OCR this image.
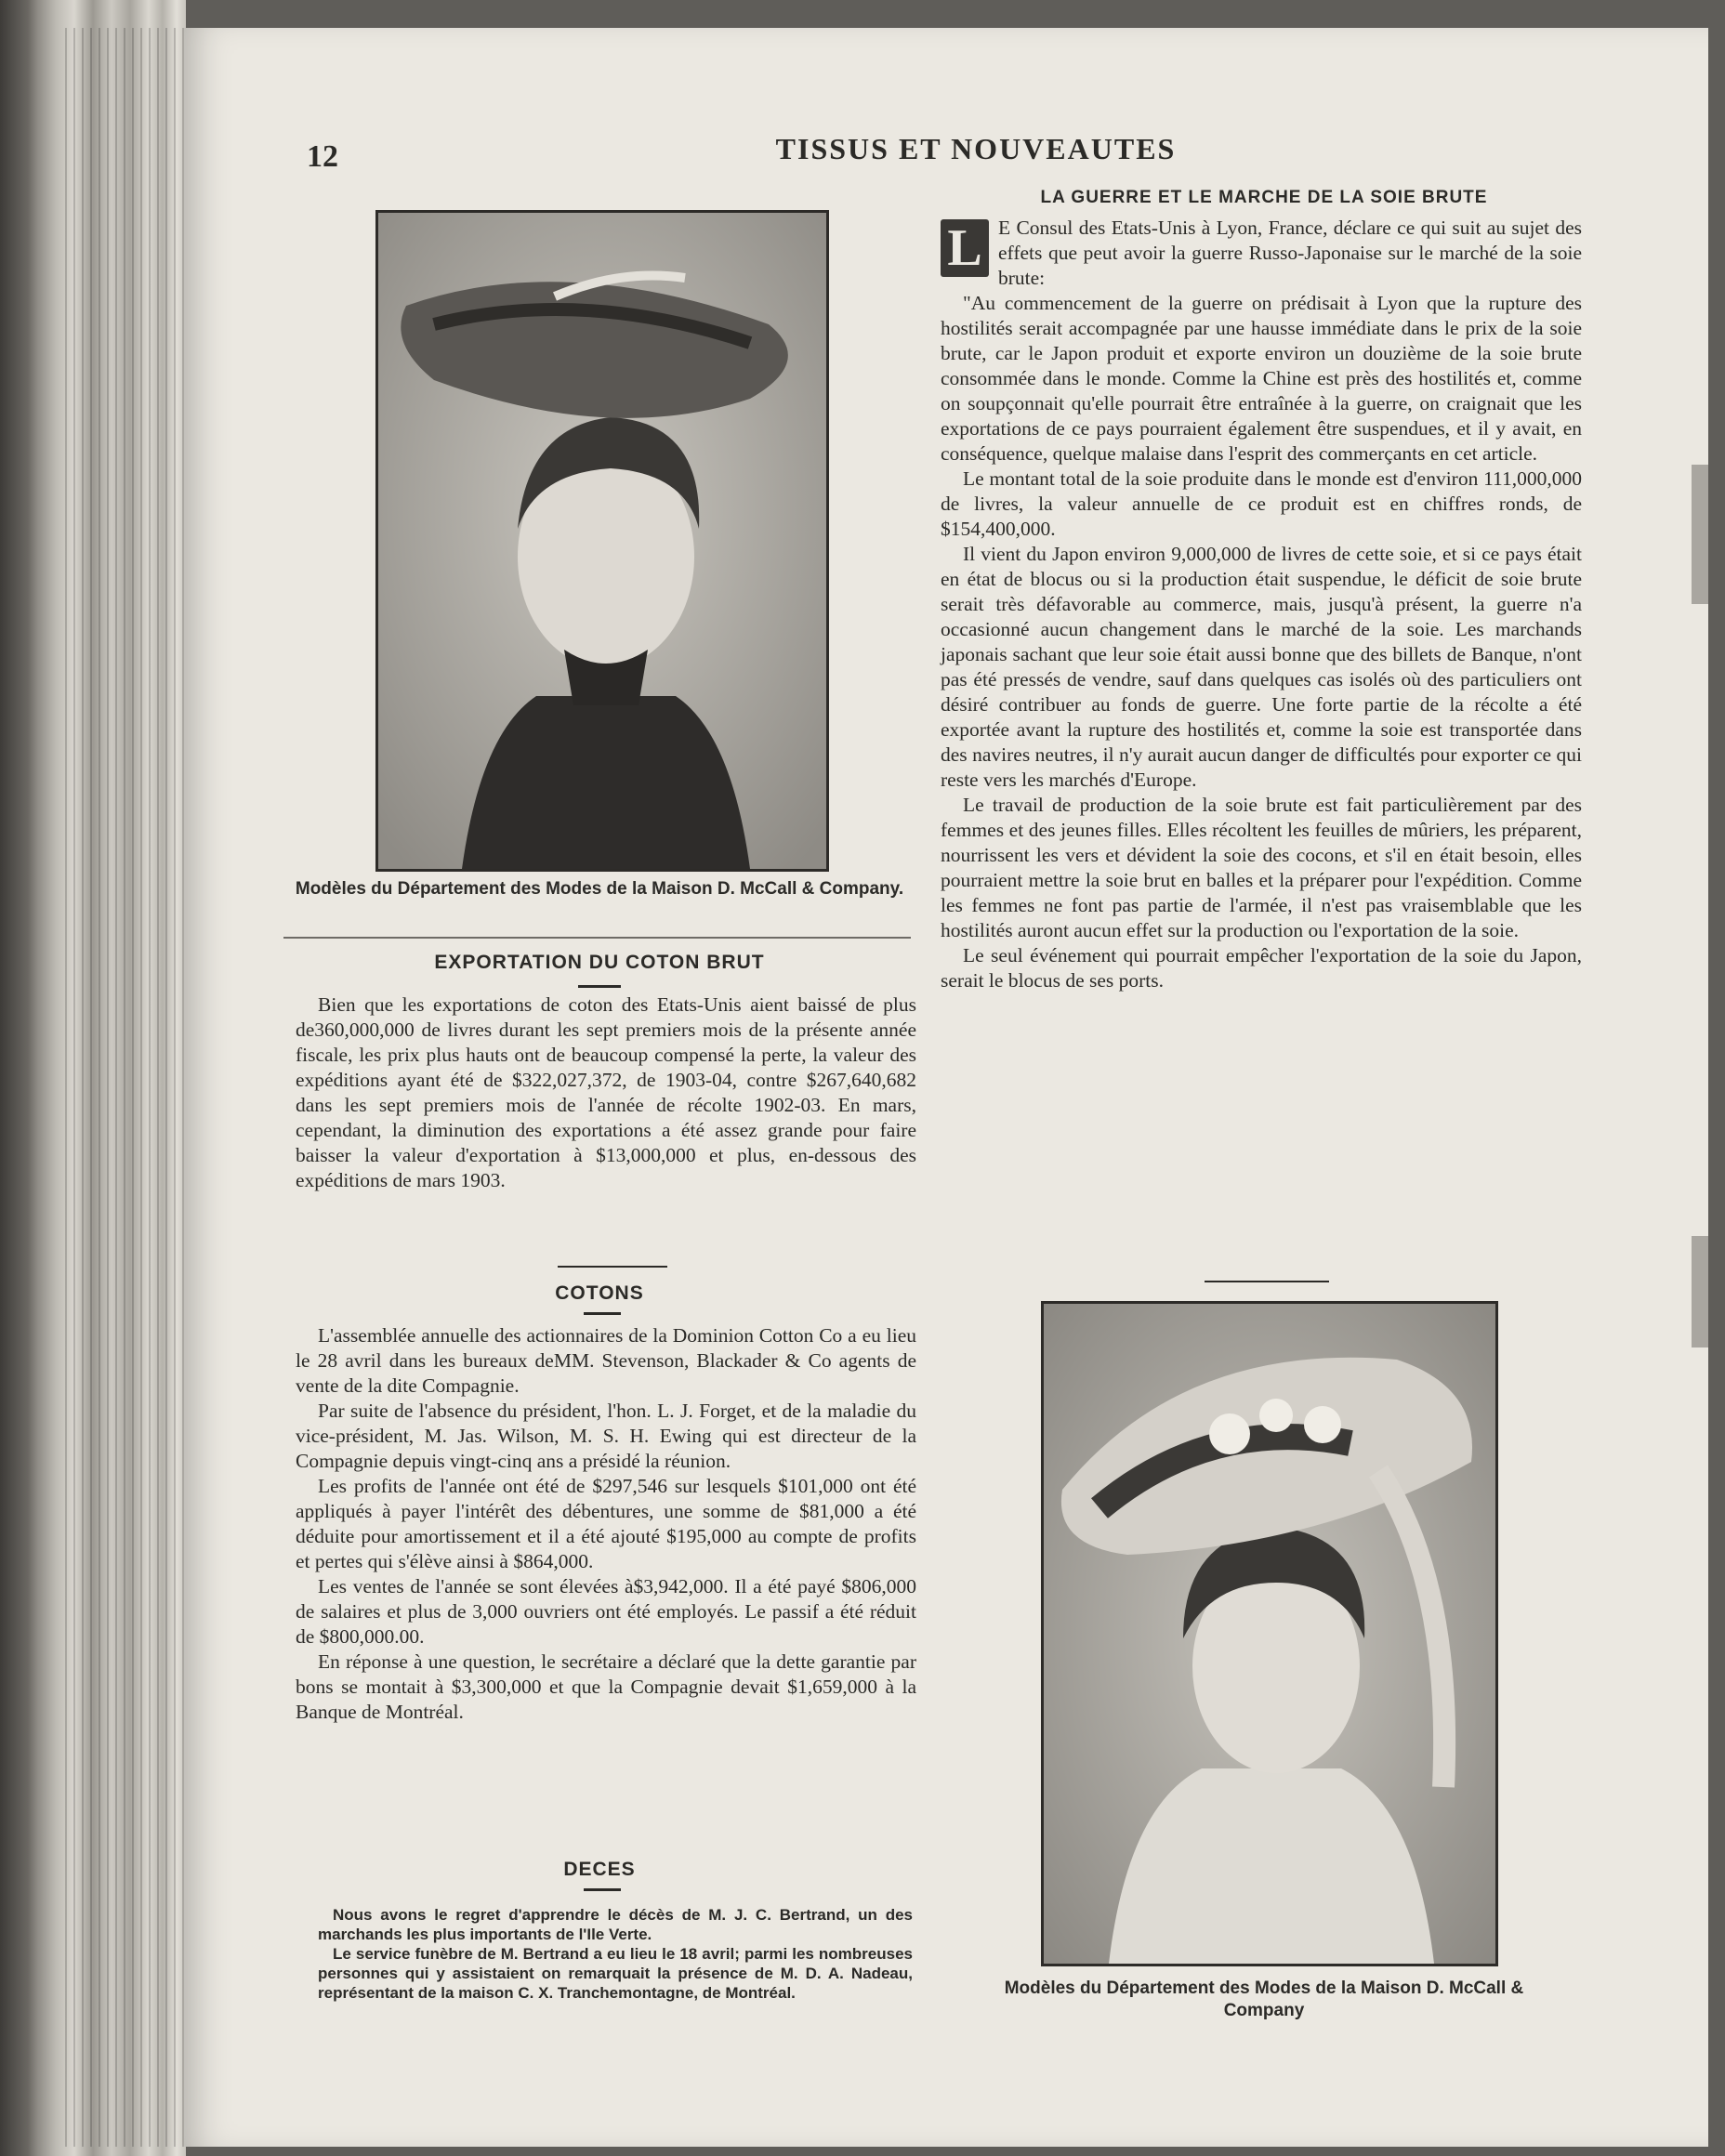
12	TISSUS ET NOUVEAUTES
Modèles du Département des Modes de la Maison D. McCall & Company.
EXPORTATION DU COTON BRUT

Bien que les exportations de coton des Etats-Unis aient baissé de plus de360,000,000 de livres durant les sept premiers mois de la présente année fiscale, les prix plus hauts ont de beaucoup compensé la perte, la valeur des expéditions ayant été de $322,027,372, de 1903-04, contre $267,640,682 dans les sept premiers mois de l'année de récolte 1902-03. En mars, cependant, la diminution des exportations a été assez grande pour faire baisser la valeur d'exportation à $13,000,000 et plus, en-dessous des expéditions de mars 1903.

COTONS

L'assemblée annuelle des actionnaires de la Dominion Cotton Co a eu lieu le 28 avril dans les bureaux deMM. Stevenson, Blackader & Co agents de vente de la dite Compagnie.

Par suite de l'absence du président, l'hon. L. J. Forget, et de la maladie du vice-président, M. Jas. Wilson, M. S. H. Ewing qui est directeur de la Compagnie depuis vingt-cinq ans a présidé la réunion.

Les profits de l'année ont été de $297,546 sur lesquels $101,000 ont été appliqués à payer l'intérêt des débentures, une somme de $81,000 a été déduite pour amortissement et il a été ajouté $195,000 au compte de profits et pertes qui s'élève ainsi à $864,000.

Les ventes de l'année se sont élevées à$3,942,000. Il a été payé $806,000 de salaires et plus de 3,000 ouvriers ont été employés. Le passif a été réduit de $800,000.00.

En réponse à une question, le secrétaire a déclaré que la dette garantie par bons se montait à $3,300,000 et que la Compagnie devait $1,659,000 à la Banque de Montréal.

DECES

Nous avons le regret d'apprendre le décès de M. J. C. Bertrand, un des marchands les plus importants de l'Ile Verte.

Le service funèbre de M. Bertrand a eu lieu le 18 avril; parmi les nombreuses personnes qui y assistaient on remarquait la présence de M. D. A. Nadeau, représentant de la maison C. X. Tranchemontagne, de Montréal.

LA GUERRE ET LE MARCHE DE LA SOIE BRUTE

L E Consul des Etats-Unis à Lyon, France, déclare ce qui suit au sujet des effets que peut avoir la guerre Russo-Japonaise sur le marché de la soie brute:

"Au commencement de la guerre on prédisait à Lyon que la rupture des hostilités serait accompagnée par une hausse immédiate dans le prix de la soie brute, car le Japon produit et exporte environ un douzième de la soie brute consommée dans le monde. Comme la Chine est près des hostilités et, comme on soupçonnait qu'elle pourrait être entraînée à la guerre, on craignait que les exportations de ce pays pourraient également être suspendues, et il y avait, en conséquence, quelque malaise dans l'esprit des commerçants en cet article.

Le montant total de la soie produite dans le monde est d'environ 111,000,000 de livres, la valeur annuelle de ce produit est en chiffres ronds, de $154,400,000.

Il vient du Japon environ 9,000,000 de livres de cette soie, et si ce pays était en état de blocus ou si la production était suspendue, le déficit de soie brute serait très défavorable au commerce, mais, jusqu'à présent, la guerre n'a occasionné aucun changement dans le marché de la soie. Les marchands japonais sachant que leur soie était aussi bonne que des billets de Banque, n'ont pas été pressés de vendre, sauf dans quelques cas isolés où des particuliers ont désiré contribuer au fonds de guerre. Une forte partie de la récolte a été exportée avant la rupture des hostilités et, comme la soie est transportée dans des navires neutres, il n'y aurait aucun danger de difficultés pour exporter ce qui reste vers les marchés d'Europe.

Le travail de production de la soie brute est fait particulièrement par des femmes et des jeunes filles. Elles récoltent les feuilles de mûriers, les préparent, nourrissent les vers et dévident la soie des cocons, et s'il en était besoin, elles pourraient mettre la soie brut en balles et la préparer pour l'expédition. Comme les femmes ne font pas partie de l'armée, il n'est pas vraisemblable que les hostilités auront aucun effet sur la production ou l'exportation de la soie.

Le seul événement qui pourrait empêcher l'exportation de la soie du Japon, serait le blocus de ses ports.

Modèles du Département des Modes de la Maison D. McCall & Company
